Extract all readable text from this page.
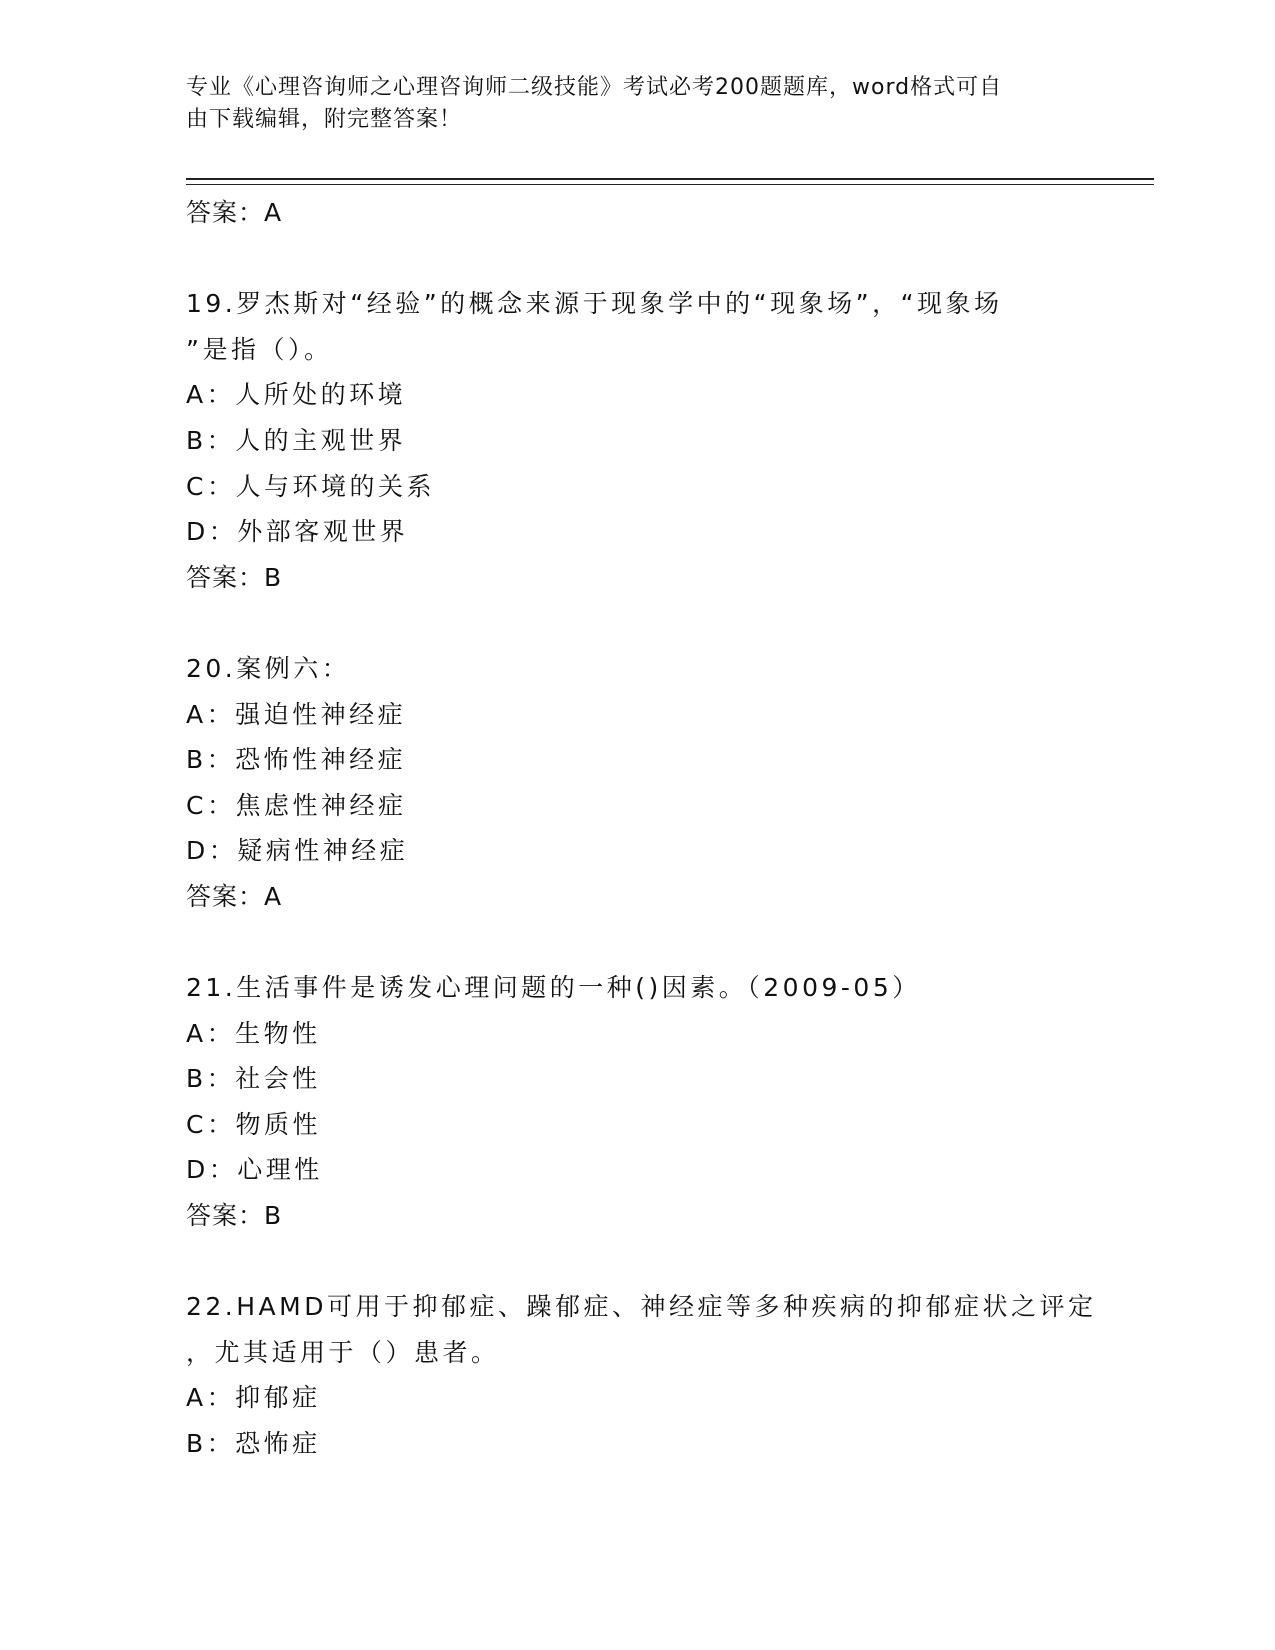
专业《心理咨询师之心理咨询师二级技能》考试必考200题题库，word格式可自
由下载编辑，附完整答案！
答案：A
19.罗杰斯对“经验”的概念来源于现象学中的“现象场”，“现象场
”是指（）。
A：人所处的环境
B：人的主观世界
C：人与环境的关系
D：外部客观世界
答案：B
20.案例六：
A：强迫性神经症
B：恐怖性神经症
C：焦虑性神经症
D：疑病性神经症
答案：A
21.生活事件是诱发心理问题的一种()因素。（2009-05）
A：生物性
B：社会性
C：物质性
D：心理性
答案：B
22.HAMD可用于抑郁症、躁郁症、神经症等多种疾病的抑郁症状之评定
，尤其适用于（）患者。
A：抑郁症
B：恐怖症
